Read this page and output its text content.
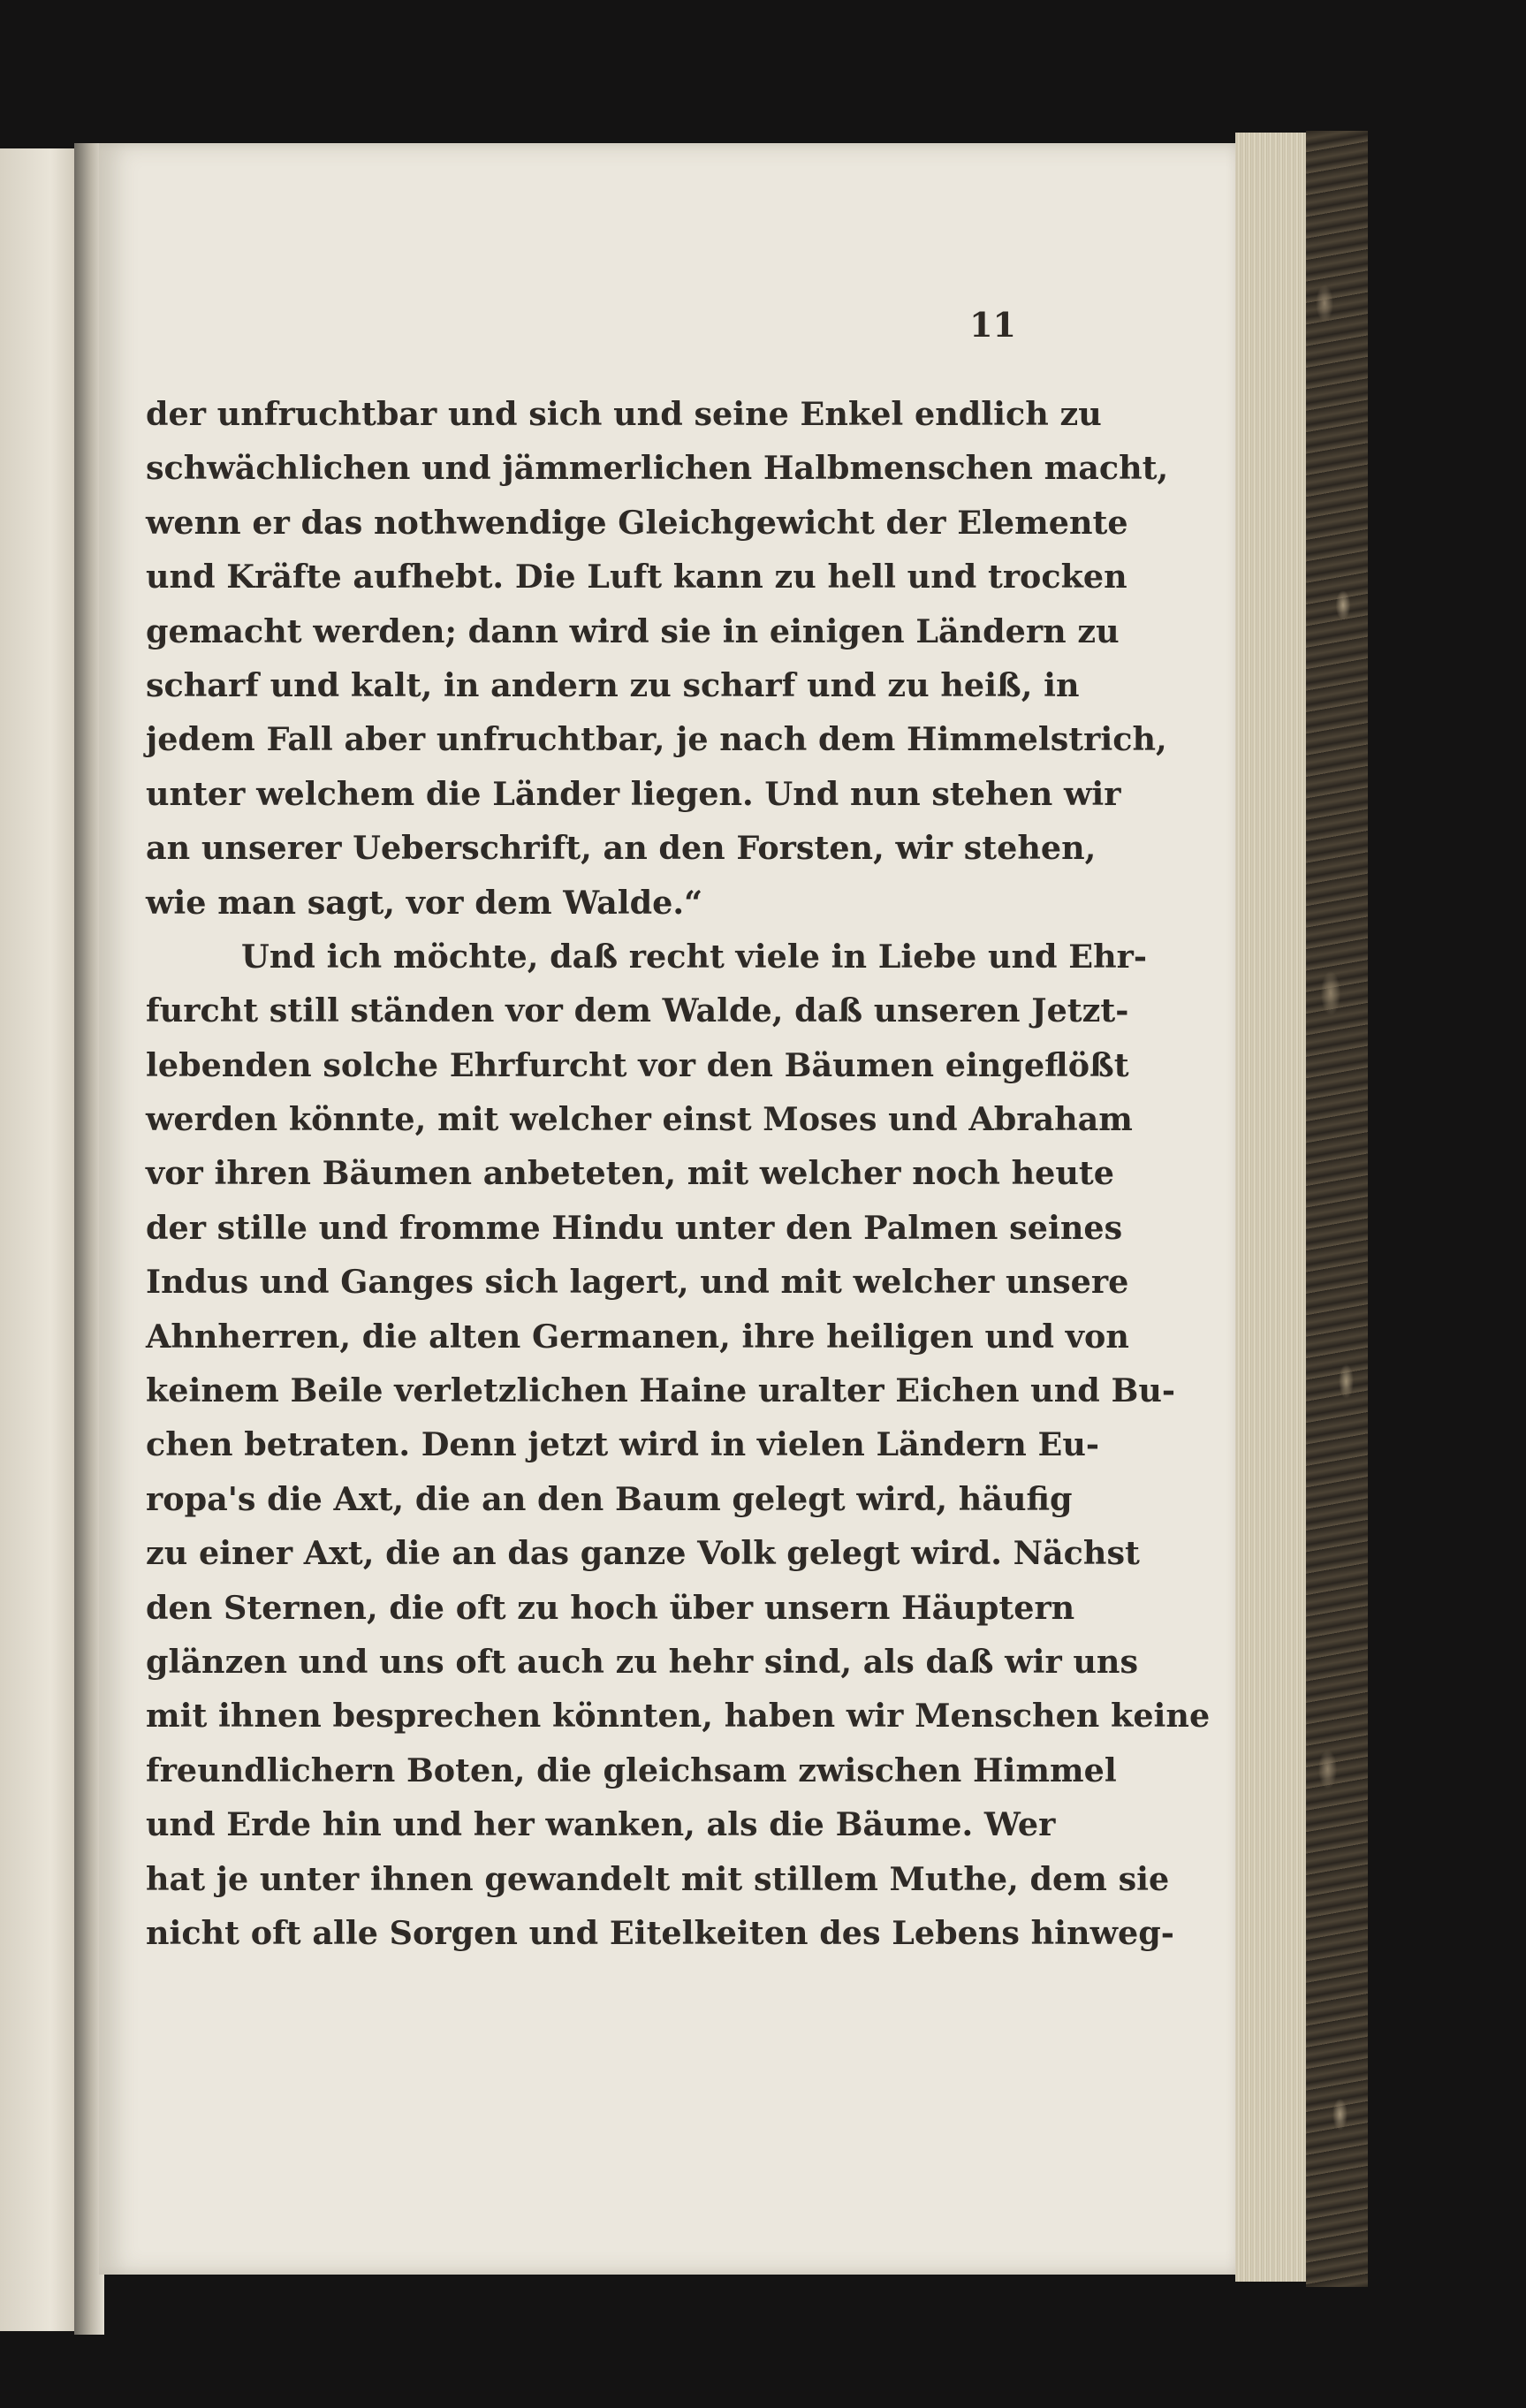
11
der unfruchtbar und sich und seine Enkel endlich zu
schwächlichen und jämmerlichen Halbmenschen macht,
wenn er das nothwendige Gleichgewicht der Elemente
und Kräfte aufhebt. Die Luft kann zu hell und trocken
gemacht werden; dann wird sie in einigen Ländern zu
scharf und kalt, in andern zu scharf und zu heiß, in
jedem Fall aber unfruchtbar, je nach dem Himmelstrich,
unter welchem die Länder liegen. Und nun stehen wir
an unserer Ueberschrift, an den Forsten, wir stehen,
wie man sagt, vor dem Walde.“
Und ich möchte, daß recht viele in Liebe und Ehr-
furcht still ständen vor dem Walde, daß unseren Jetzt-
lebenden solche Ehrfurcht vor den Bäumen eingeflößt
werden könnte, mit welcher einst Moses und Abraham
vor ihren Bäumen anbeteten, mit welcher noch heute
der stille und fromme Hindu unter den Palmen seines
Indus und Ganges sich lagert, und mit welcher unsere
Ahnherren, die alten Germanen, ihre heiligen und von
keinem Beile verletzlichen Haine uralter Eichen und Bu-
chen betraten. Denn jetzt wird in vielen Ländern Eu-
ropa's die Axt, die an den Baum gelegt wird, häufig
zu einer Axt, die an das ganze Volk gelegt wird. Nächst
den Sternen, die oft zu hoch über unsern Häuptern
glänzen und uns oft auch zu hehr sind, als daß wir uns
mit ihnen besprechen könnten, haben wir Menschen keine
freundlichern Boten, die gleichsam zwischen Himmel
und Erde hin und her wanken, als die Bäume. Wer
hat je unter ihnen gewandelt mit stillem Muthe, dem sie
nicht oft alle Sorgen und Eitelkeiten des Lebens hinweg-
